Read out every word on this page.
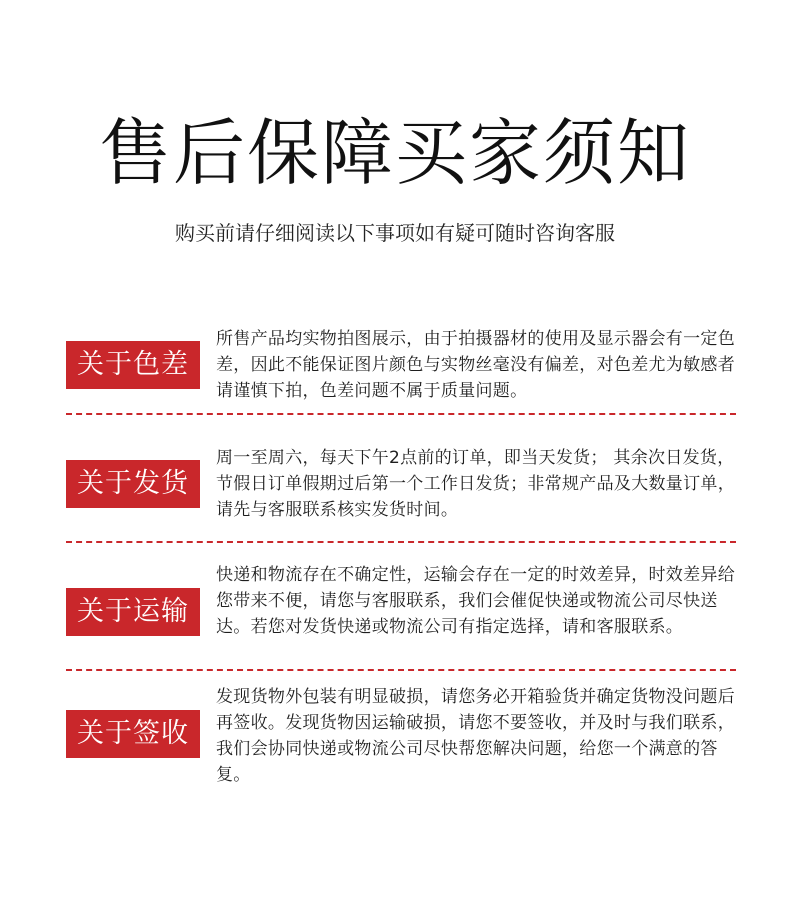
售后保障买家须知
购买前请仔细阅读以下事项如有疑可随时咨询客服
关于色差
所售产品均实物拍图展示，由于拍摄器材的使用及显示器会有一定色差，因此不能保证图片颜色与实物丝毫没有偏差，对色差尤为敏感者请谨慎下拍，色差问题不属于质量问题。
关于发货
周一至周六，每天下午2点前的订单，即当天发货； 其余次日发货，节假日订单假期过后第一个工作日发货；非常规产品及大数量订单，请先与客服联系核实发货时间。
关于运输
快递和物流存在不确定性，运输会存在一定的时效差异，时效差异给您带来不便，请您与客服联系，我们会催促快递或物流公司尽快送达。若您对发货快递或物流公司有指定选择，请和客服联系。
关于签收
发现货物外包装有明显破损，请您务必开箱验货并确定货物没问题后再签收。发现货物因运输破损，请您不要签收，并及时与我们联系，我们会协同快递或物流公司尽快帮您解决问题，给您一个满意的答复。
